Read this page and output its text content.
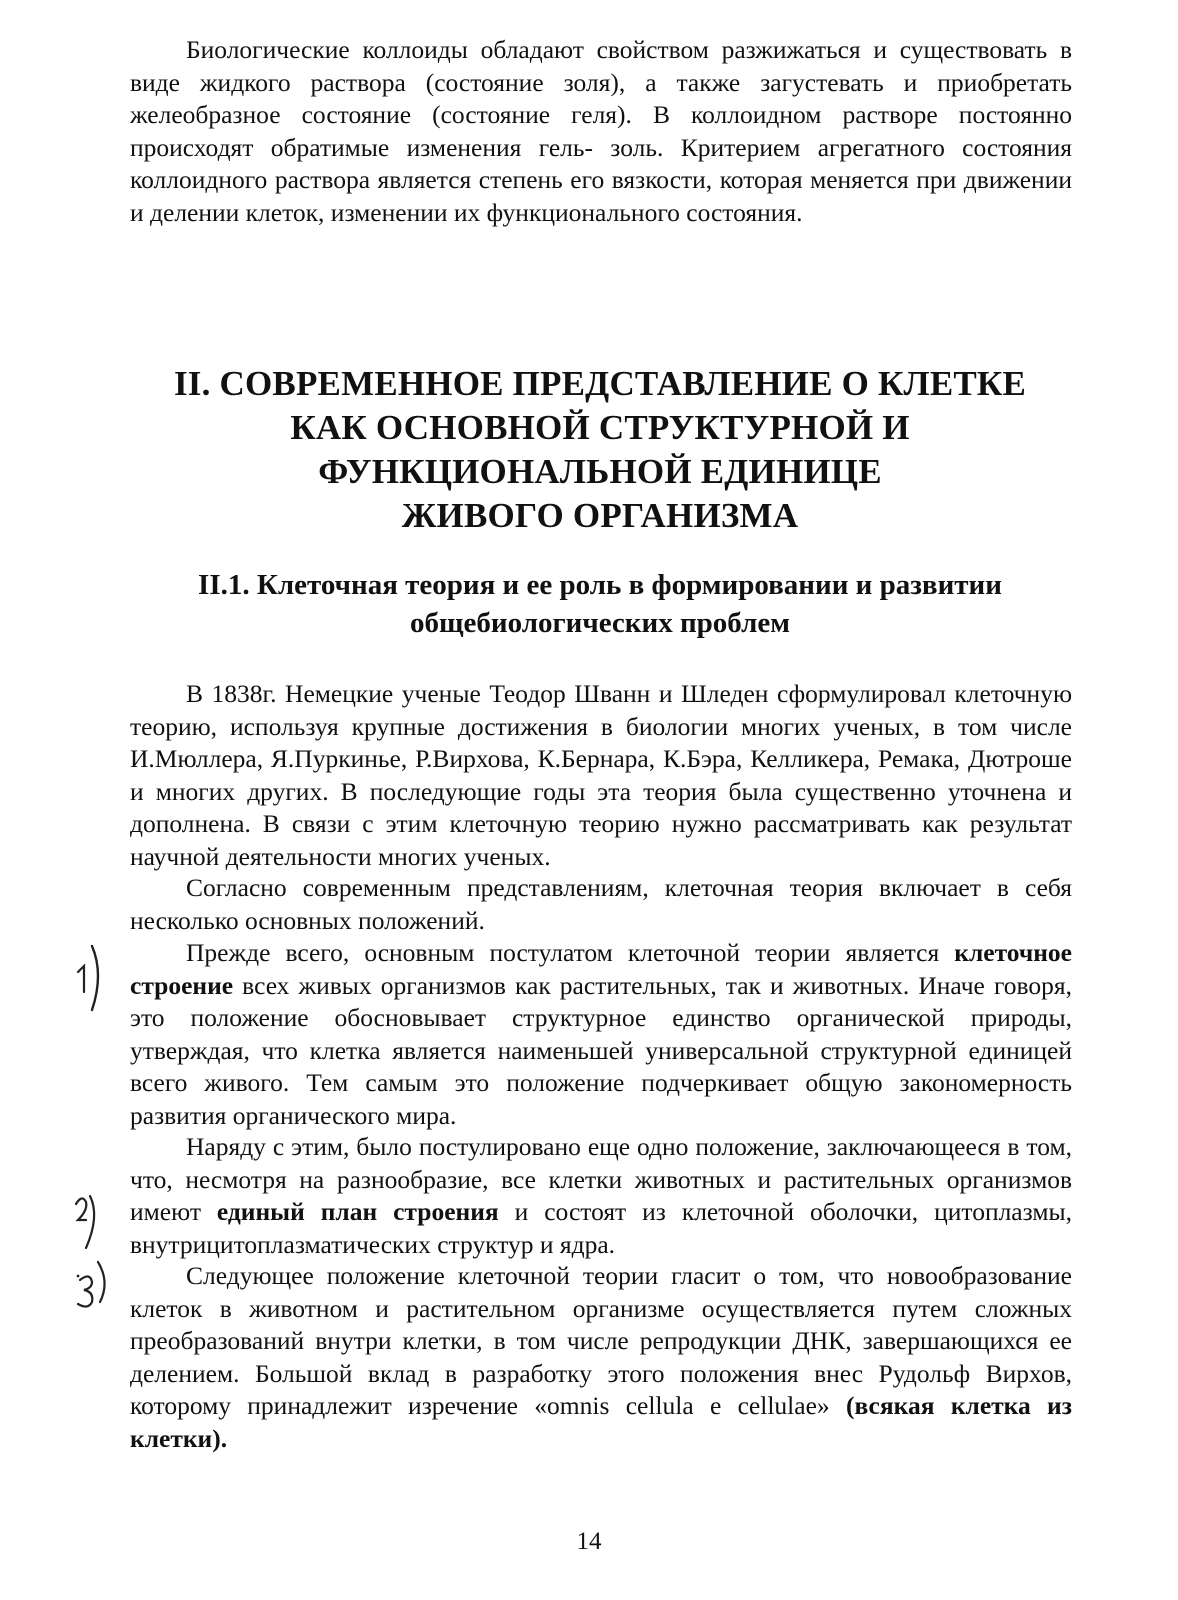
Биологические коллоиды обладают свойством разжижаться и существовать в виде жидкого раствора (состояние золя), а также загустевать и приобретать желеобразное состояние (состояние геля). В коллоидном растворе постоянно происходят обратимые изменения гель- золь. Критерием агрегатного состояния коллоидного раствора является степень его вязкости, которая меняется при движении и делении клеток, изменении их функционального состояния.

II. СОВРЕМЕННОЕ ПРЕДСТАВЛЕНИЕ О КЛЕТКЕ
КАК ОСНОВНОЙ СТРУКТУРНОЙ И
ФУНКЦИОНАЛЬНОЙ ЕДИНИЦЕ
ЖИВОГО ОРГАНИЗМА
II.1. Клеточная теория и ее роль в формировании и развитии
общебиологических проблем

В 1838г. Немецкие ученые Теодор Шванн и Шледен сформулировал клеточную теорию, используя крупные достижения в биологии многих ученых, в том числе И.Мюллера, Я.Пуркинье, Р.Вирхова, К.Бернара, К.Бэра, Келликера, Ремака, Дютроше и многих других. В последующие годы эта теория была существенно уточнена и дополнена. В связи с этим клеточную теорию нужно рассматривать как результат научной деятельности многих ученых.

Согласно современным представлениям, клеточная теория включает в себя несколько основных положений.

Прежде всего, основным постулатом клеточной теории является клеточное строение всех живых организмов как растительных, так и животных. Иначе говоря, это положение обосновывает структурное единство органической природы, утверждая, что клетка является наименьшей универсальной структурной единицей всего живого. Тем самым это положение подчеркивает общую закономерность развития органического мира.

Наряду с этим, было постулировано еще одно положение, заключающееся в том, что, несмотря на разнообразие, все клетки животных и растительных организмов имеют единый план строения и состоят из клеточной оболочки, цитоплазмы, внутрицитоплазматических структур и ядра.

Следующее положение клеточной теории гласит о том, что новообразование клеток в животном и растительном организме осуществляется путем сложных преобразований внутри клетки, в том числе репродукции ДНК, завершающихся ее делением. Большой вклад в разработку этого положения внес Рудольф Вирхов, которому принадлежит изречение «omnis cellula е cellulae» (всякая клетка из клетки).

14
